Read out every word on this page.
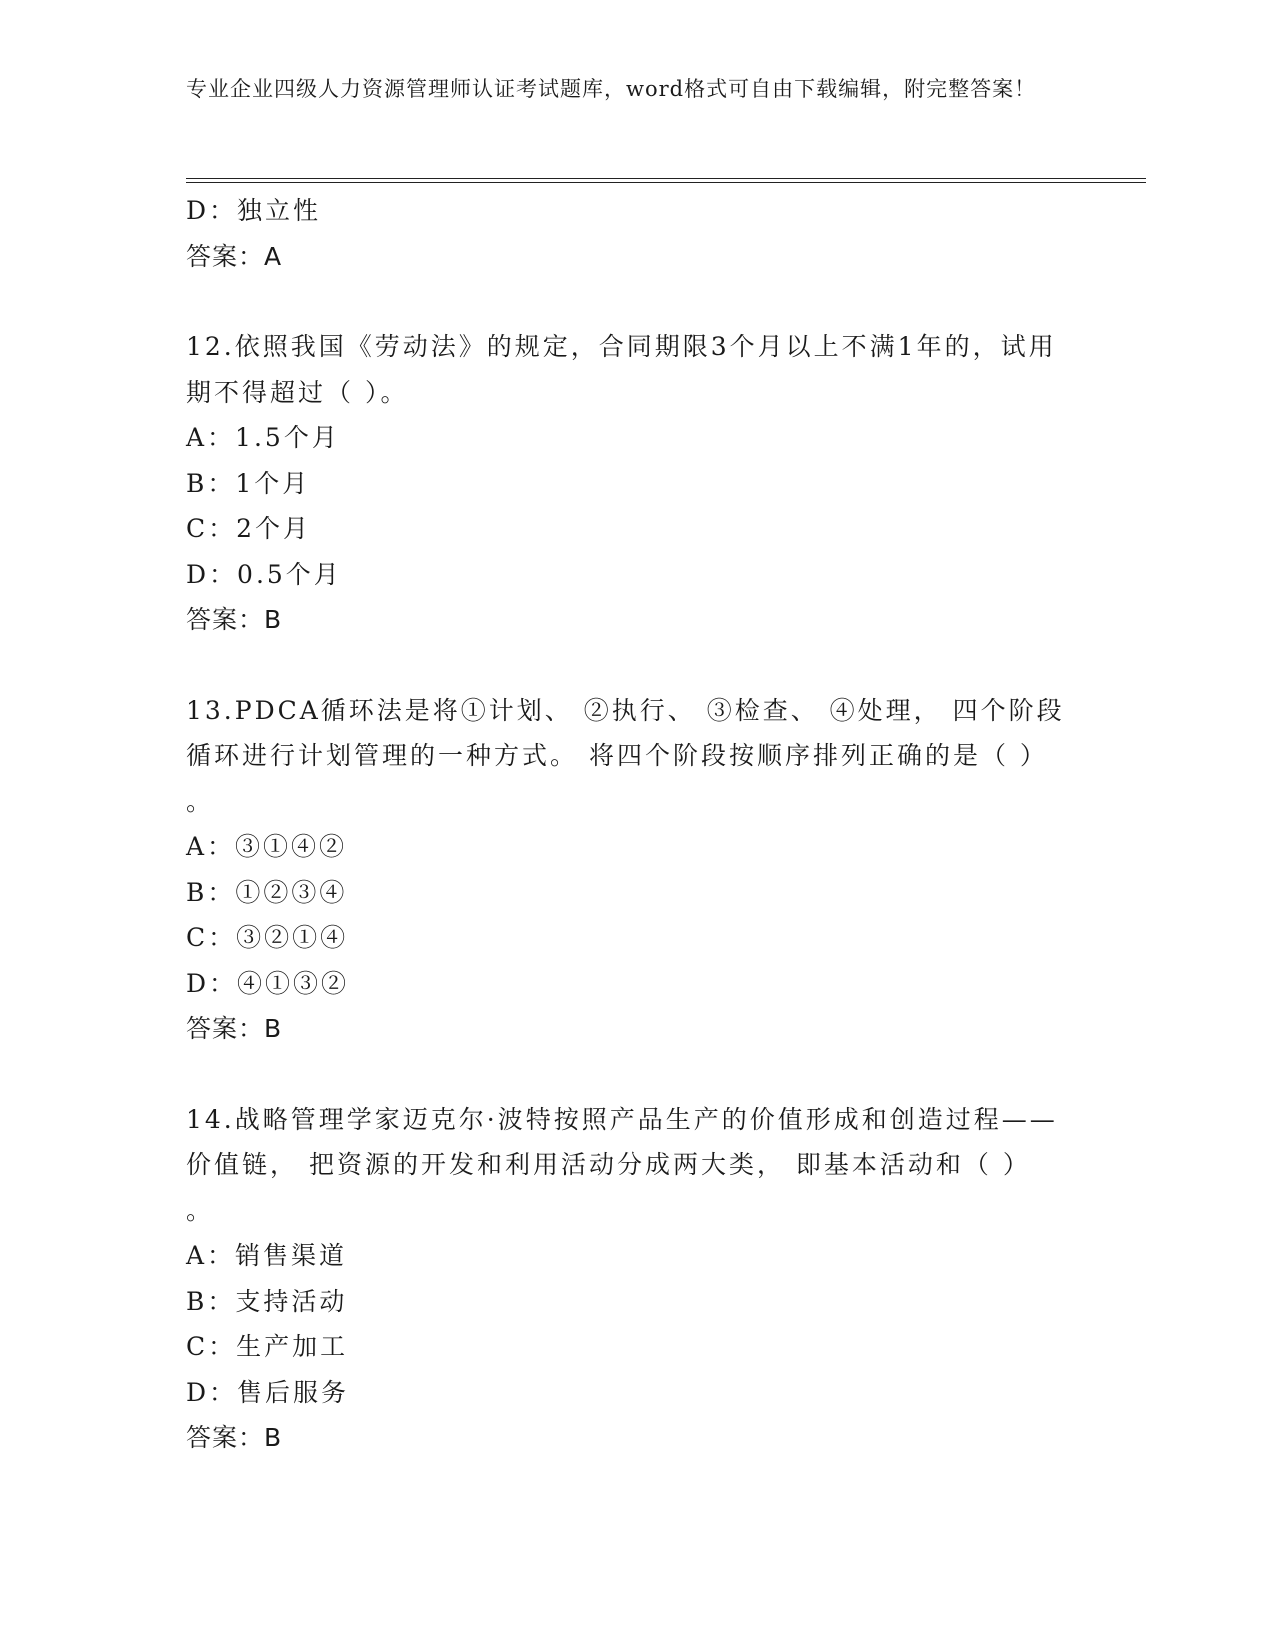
专业企业四级人力资源管理师认证考试题库，word格式可自由下载编辑，附完整答案！
D：独立性
答案：A
12.依照我国《劳动法》的规定，合同期限3个月以上不满1年的，试用期不得超过（ ）。
A：1.5个月
B：1个月
C：2个月
D：0.5个月
答案：B
13.PDCA循环法是将①计划、 ②执行、 ③检查、 ④处理， 四个阶段循环进行计划管理的一种方式。 将四个阶段按顺序排列正确的是（ ） 。
A：③①④②
B：①②③④
C：③②①④
D：④①③②
答案：B
14.战略管理学家迈克尔·波特按照产品生产的价值形成和创造过程——价值链， 把资源的开发和利用活动分成两大类， 即基本活动和（ ） 。
A：销售渠道
B：支持活动
C：生产加工
D：售后服务
答案：B
